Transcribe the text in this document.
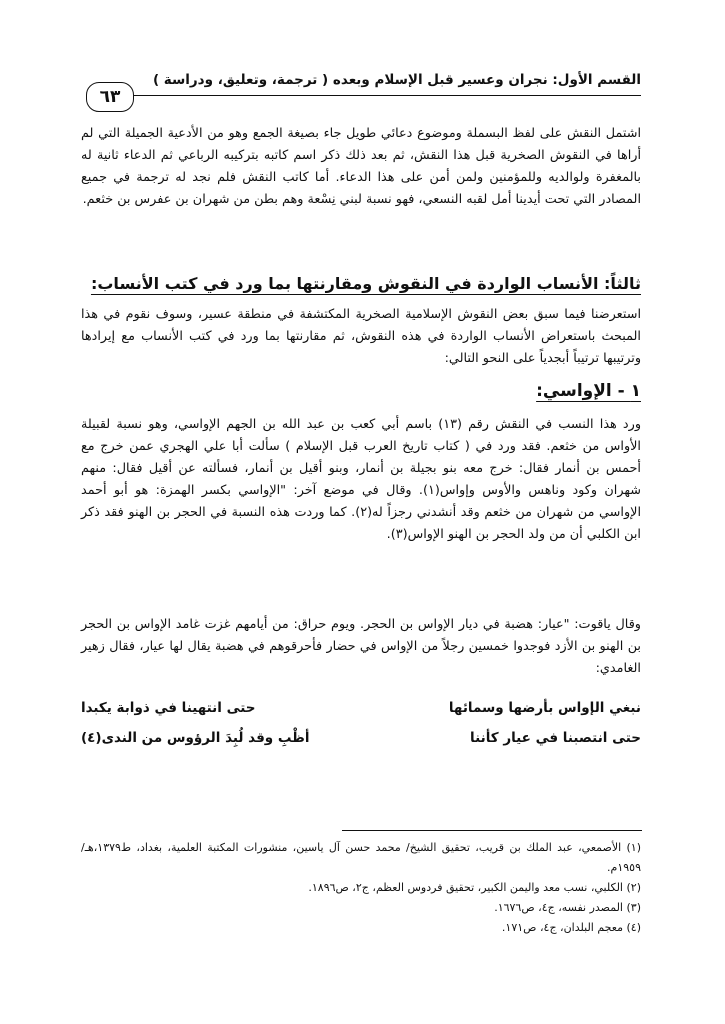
القسم الأول: نجران وعسير قبل الإسلام وبعده ( ترجمة، وتعليق، ودراسة )
٦٣

اشتمل النقش على لفظ البسملة وموضوع دعائي طويل جاء بصيغة الجمع وهو من الأدعية الجميلة التي لم أراها في النقوش الصخرية قبل هذا النقش، ثم بعد ذلك ذكر اسم كاتبه بتركيبه الرباعي ثم الدعاء ثانية له بالمغفرة ولوالديه وللمؤمنين ولمن أمن على هذا الدعاء. أما كاتب النقش فلم نجد له ترجمة في جميع المصادر التي تحت أيدينا أمل لقبه النسعي، فهو نسبة لبني نِسْعة وهم بطن من شهران بن عفرس بن خثعم.

ثالثاً: الأنساب الواردة في النقوش ومقارنتها بما ورد في كتب الأنساب:

استعرضنا فيما سبق بعض النقوش الإسلامية الصخرية المكتشفة في منطقة عسير، وسوف نقوم في هذا المبحث باستعراض الأنساب الواردة في هذه النقوش، ثم مقارنتها بما ورد في كتب الأنساب مع إيرادها وترتيبها ترتيباً أبجدياً على النحو التالي:

١ - الإواسي:

ورد هذا النسب في النقش رقم (١٣) باسم أبي كعب بن عبد الله بن الجهم الإواسي، وهو نسبة لقبيلة الأواس من خثعم. فقد ورد في ( كتاب تاريخ العرب قبل الإسلام ) سألت أبا علي الهجري عمن خرج مع أحمس بن أنمار فقال: خرج معه بنو بجيلة بن أنمار، وبنو أقيل بن أنمار، فسألته عن أقيل فقال: منهم شهران وكود وناهس والأوس وإواس(١). وقال في موضع آخر: "الإواسي بكسر الهمزة: هو أبو أحمد الإواسي من شهران من خثعم وقد أنشدني رجزاً له(٢). كما وردت هذه النسبة في الحجر بن الهنو فقد ذكر ابن الكلبي أن من ولد الحجر بن الهنو الإواس(٣).

وقال ياقوت: "عيار: هضبة في ديار الإواس بن الحجر. ويوم حراق: من أيامهم غزت غامد الإواس بن الحجر بن الهنو بن الأزد فوجدوا خمسين رجلاً من الإواس في حضار فأحرقوهم في هضبة يقال لها عيار، فقال زهير الغامدي:

نبغي الإواس بأرضها وسمائها
حتى انتهينا في ذوابة يكبدا
حتى انتصبنا في عيار كأننا
أظْبِ وقد لُبِدَ الرؤوس من الندى(٤)

(١) الأصمعي، عبد الملك بن قريب، تحقيق الشيخ/ محمد حسن آل ياسين، منشورات المكتبة العلمية، بغداد، ط١٣٧٩،هـ/١٩٥٩م.

(٢) الكلبي، نسب معد واليمن الكبير، تحقيق فردوس العظم، ج٢، ص١٨٩٦.

(٣) المصدر نفسه، ج٤، ص١٦٧٦.

(٤) معجم البلدان، ج٤، ص١٧١.
